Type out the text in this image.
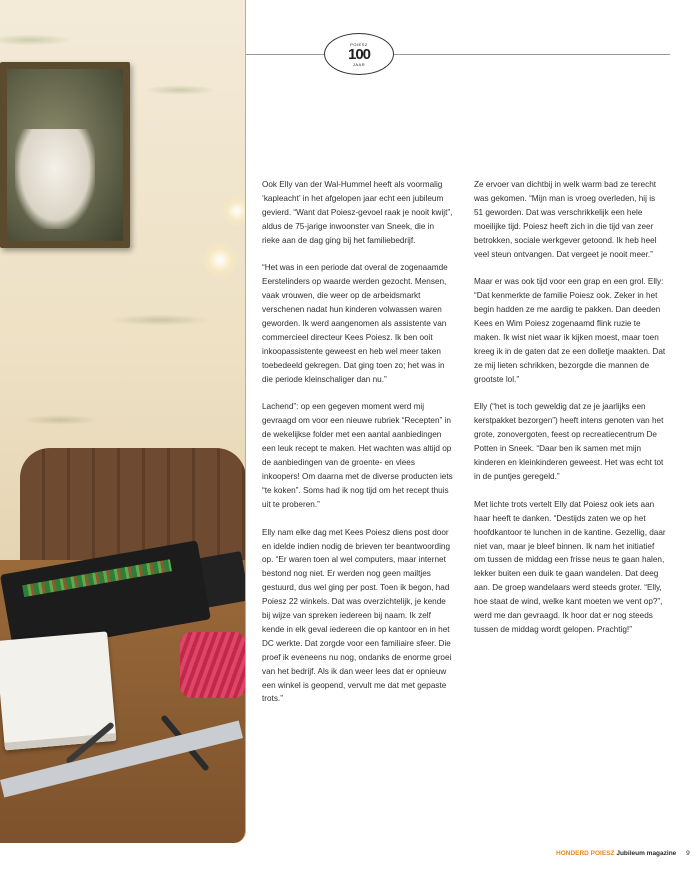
POIESZ
100
JAAR

Ook Elly van der Wal-Hummel heeft als voormalig ‘kapleacht’ in het afgelopen jaar echt een jubileum gevierd. “Want dat Poiesz-gevoel raak je nooit kwijt”, aldus de 75-jarige inwoonster van Sneek, die in rieke aan de dag ging bij het familiebedrijf.

“Het was in een periode dat overal de zogenaamde Eerstelinders op waarde werden gezocht. Mensen, vaak vrouwen, die weer op de arbeidsmarkt verschenen nadat hun kinderen volwassen waren geworden. Ik werd aangenomen als assistente van commercieel directeur Kees Poiesz. Ik ben ooit inkoopassistente geweest en heb wel meer taken toebedeeld gekregen. Dat ging toen zo; het was in die periode kleinschaliger dan nu.”

Lachend”: op een gegeven moment werd mij gevraagd om voor een nieuwe rubriek “Recepten” in de wekelijkse folder met een aantal aanbiedingen een leuk recept te maken. Het wachten was altijd op de aanbiedingen van de groente- en vlees inkoopers! Om daarna met de diverse producten iets “te koken”. Soms had ik nog tijd om het recept thuis uit te proberen.”

Elly nam elke dag met Kees Poiesz diens post door en idelde indien nodig de brieven ter beantwoording op. “Er waren toen al wel computers, maar internet bestond nog niet. Er werden nog geen mailtjes gestuurd, dus wel ging per post. Toen ik begon, had Poiesz 22 winkels. Dat was overzichtelijk, je kende bij wijze van spreken iedereen bij naam. Ik zelf kende in elk geval iedereen die op kantoor en in het DC werkte. Dat zorgde voor een familiaire sfeer. Die proef ik eveneens nu nog, ondanks de enorme groei van het bedrijf. Als ik dan weer lees dat er opnieuw een winkel is geopend, vervult me dat met gepaste trots.”

Ze ervoer van dichtbij in welk warm bad ze terecht was gekomen. “Mijn man is vroeg overleden, hij is 51 geworden. Dat was verschrikkelijk een hele moeilijke tijd. Poiesz heeft zich in die tijd van zeer betrokken, sociale werkgever getoond. Ik heb heel veel steun ontvangen. Dat vergeet je nooit meer.”

Maar er was ook tijd voor een grap en een grol. Elly: “Dat kenmerkte de familie Poiesz ook. Zeker in het begin hadden ze me aardig te pakken. Dan deeden Kees en Wim Poiesz zogenaamd flink ruzie te maken. Ik wist niet waar ik kijken moest, maar toen kreeg ik in de gaten dat ze een dolletje maakten. Dat ze mij lieten schrikken, bezorgde die mannen de grootste lol.”

Elly (“het is toch geweldig dat ze je jaarlijks een kerstpakket bezorgen”) heeft intens genoten van het grote, zonovergoten, feest op recreatiecentrum De Potten in Sneek. “Daar ben ik samen met mijn kinderen en kleinkinderen geweest. Het was echt tot in de puntjes geregeld.”

Met lichte trots vertelt Elly dat Poiesz ook iets aan haar heeft te danken. “Destijds zaten we op het hoofdkantoor te lunchen in de kantine. Gezellig, daar niet van, maar je bleef binnen. Ik nam het initiatief om tussen de middag een frisse neus te gaan halen, lekker buiten een duik te gaan wandelen. Dat deeg aan. De groep wandelaars werd steeds groter. “Elly, hoe staat de wind, welke kant moeten we vent op?”, werd me dan gevraagd. Ik hoor dat er nog steeds tussen de middag wordt gelopen. Prachtig!”

HONDERD POIESZ Jubileum magazine 9
